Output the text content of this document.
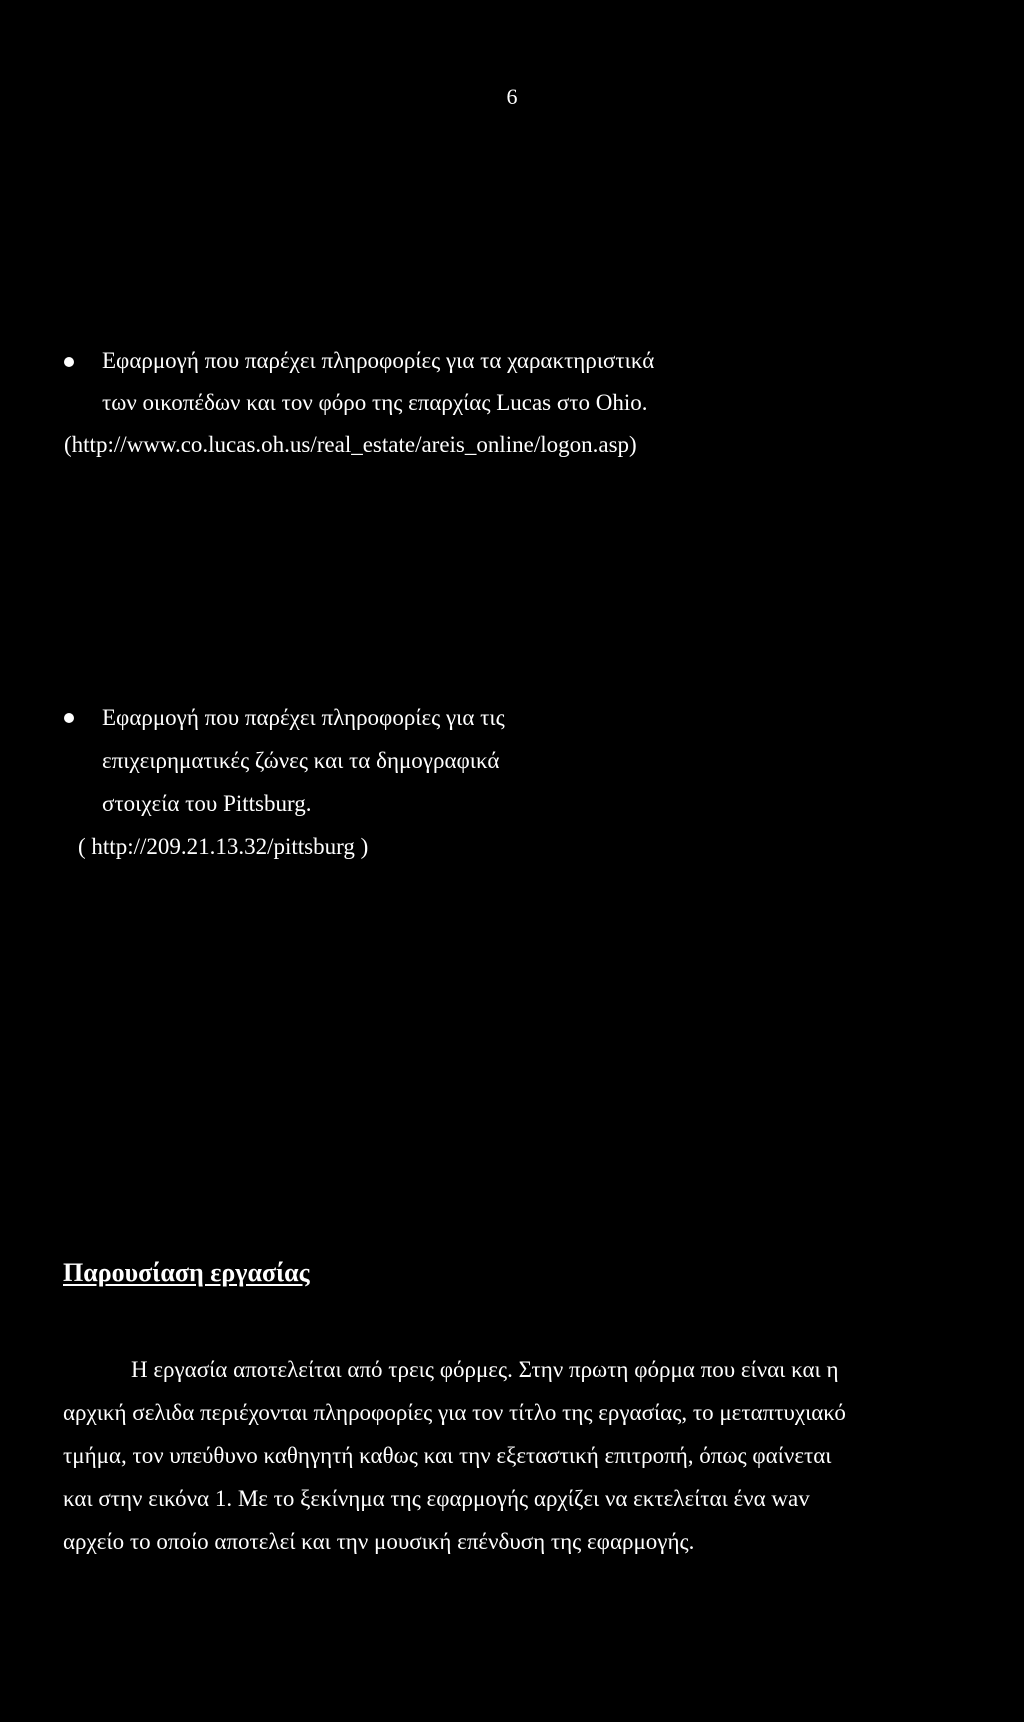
6
Εφαρμογή που παρέχει πληροφορίες για τα χαρακτηριστικά
των οικοπέδων και τον φόρο της επαρχίας Lucas στο Ohio.
(http://www.co.lucas.oh.us/real_estate/areis_online/logon.asp)
Εφαρμογή που παρέχει πληροφορίες για τις
επιχειρηματικές ζώνες και τα δημογραφικά
στοιχεία του Pittsburg.
( http://209.21.13.32/pittsburg )
Παρουσίαση εργασίας
Η εργασία αποτελείται από τρεις φόρμες. Στην πρωτη φόρμα που είναι και η
αρχική σελιδα περιέχονται πληροφορίες για τον τίτλο της εργασίας, το μεταπτυχιακό
τμήμα, τον υπεύθυνο καθηγητή καθως και την εξεταστική επιτροπή, όπως φαίνεται
και στην εικόνα 1. Με το ξεκίνημα της εφαρμογής αρχίζει να εκτελείται ένα wav
αρχείο το οποίο αποτελεί και την μουσική επένδυση της εφαρμογής.
